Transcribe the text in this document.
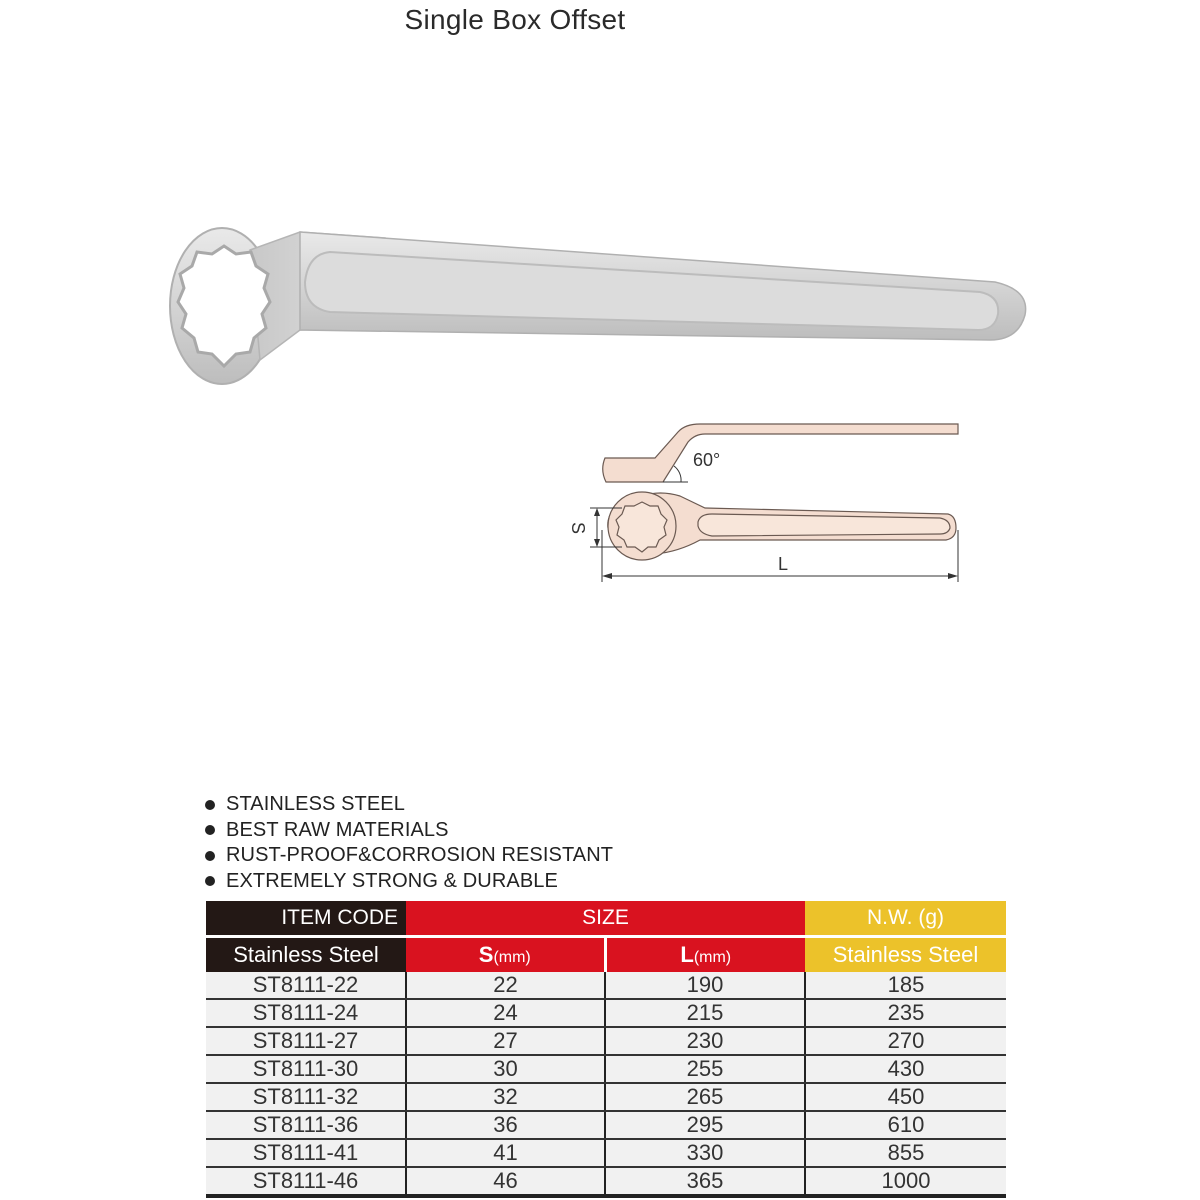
Single Box Offset
60°
S
L
STAINLESS STEEL
BEST RAW MATERIALS
RUST-PROOF&CORROSION RESISTANT
EXTREMELY STRONG & DURABLE
ITEM CODE	SIZE		N.W. (g)
Stainless Steel	S(mm)	L(mm)	Stainless Steel
ST8111-22	22	190	185
ST8111-24	24	215	235
ST8111-27	27	230	270
ST8111-30	30	255	430
ST8111-32	32	265	450
ST8111-36	36	295	610
ST8111-41	41	330	855
ST8111-46	46	365	1000
